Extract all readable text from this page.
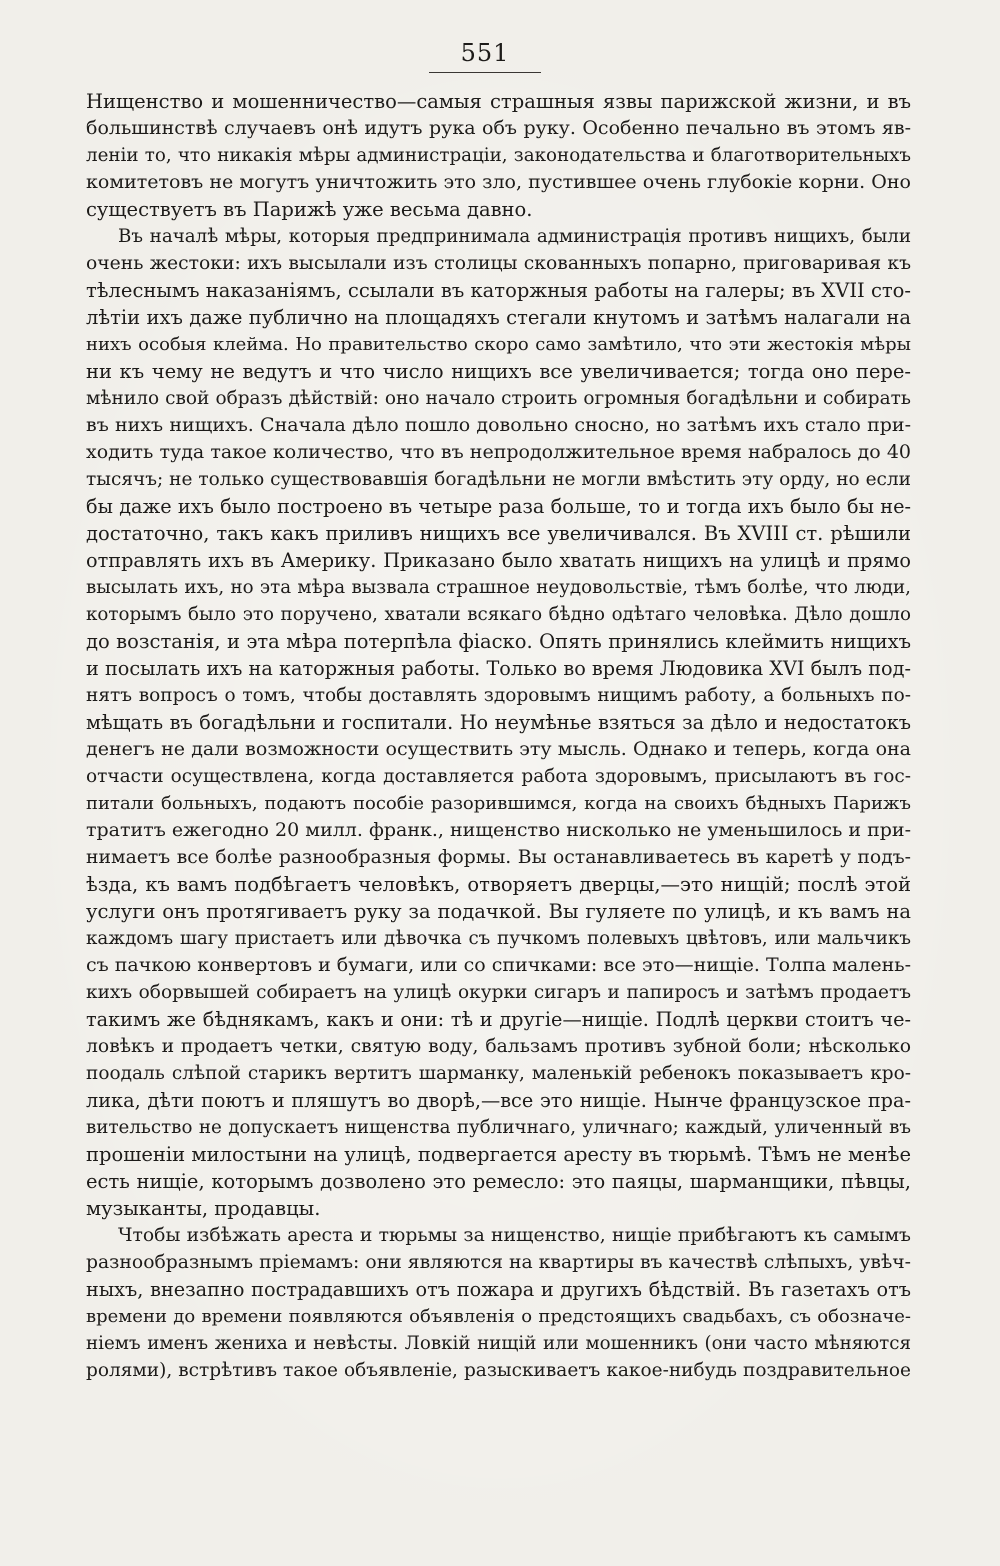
551
Нищенство и мошенничество—самыя страшныя язвы парижской жизни, и въ
большинствѣ случаевъ онѣ идутъ рука объ руку. Особенно печально въ этомъ яв-
леніи то, что никакія мѣры администраціи, законодательства и благотворительныхъ
комитетовъ не могутъ уничтожить это зло, пустившее очень глубокіе корни. Оно
существуетъ въ Парижѣ уже весьма давно.
Въ началѣ мѣры, которыя предпринимала администрація противъ нищихъ, были
очень жестоки: ихъ высылали изъ столицы скованныхъ попарно, приговаривая къ
тѣлеснымъ наказаніямъ, ссылали въ каторжныя работы на галеры; въ XVII сто-
лѣтіи ихъ даже публично на площадяхъ стегали кнутомъ и затѣмъ налагали на
нихъ особыя клейма. Но правительство скоро само замѣтило, что эти жестокія мѣры
ни къ чему не ведутъ и что число нищихъ все увеличивается; тогда оно пере-
мѣнило свой образъ дѣйствій: оно начало строить огромныя богадѣльни и собирать
въ нихъ нищихъ. Сначала дѣло пошло довольно сносно, но затѣмъ ихъ стало при-
ходить туда такое количество, что въ непродолжительное время набралось до 40
тысячъ; не только существовавшія богадѣльни не могли вмѣстить эту орду, но если
бы даже ихъ было построено въ четыре раза больше, то и тогда ихъ было бы не-
достаточно, такъ какъ приливъ нищихъ все увеличивался. Въ XVIII ст. рѣшили
отправлять ихъ въ Америку. Приказано было хватать нищихъ на улицѣ и прямо
высылать ихъ, но эта мѣра вызвала страшное неудовольствіе, тѣмъ болѣе, что люди,
которымъ было это поручено, хватали всякаго бѣдно одѣтаго человѣка. Дѣло дошло
до возстанія, и эта мѣра потерпѣла фіаско. Опять принялись клеймить нищихъ
и посылать ихъ на каторжныя работы. Только во время Людовика XVI былъ под-
нятъ вопросъ о томъ, чтобы доставлять здоровымъ нищимъ работу, а больныхъ по-
мѣщать въ богадѣльни и госпитали. Но неумѣнье взяться за дѣло и недостатокъ
денегъ не дали возможности осуществить эту мысль. Однако и теперь, когда она
отчасти осуществлена, когда доставляется работа здоровымъ, присылаютъ въ гос-
питали больныхъ, подаютъ пособіе разорившимся, когда на своихъ бѣдныхъ Парижъ
тратитъ ежегодно 20 милл. франк., нищенство нисколько не уменьшилось и при-
нимаетъ все болѣе разнообразныя формы. Вы останавливаетесь въ каретѣ у подъ-
ѣзда, къ вамъ подбѣгаетъ человѣкъ, отворяетъ дверцы,—это нищій; послѣ этой
услуги онъ протягиваетъ руку за подачкой. Вы гуляете по улицѣ, и къ вамъ на
каждомъ шагу пристаетъ или дѣвочка съ пучкомъ полевыхъ цвѣтовъ, или мальчикъ
съ пачкою конвертовъ и бумаги, или со спичками: все это—нищіе. Толпа малень-
кихъ оборвышей собираетъ на улицѣ окурки сигаръ и папиросъ и затѣмъ продаетъ
такимъ же бѣднякамъ, какъ и они: тѣ и другіе—нищіе. Подлѣ церкви стоитъ че-
ловѣкъ и продаетъ четки, святую воду, бальзамъ противъ зубной боли; нѣсколько
поодаль слѣпой старикъ вертитъ шарманку, маленькій ребенокъ показываетъ кро-
лика, дѣти поютъ и пляшутъ во дворѣ,—все это нищіе. Нынче французское пра-
вительство не допускаетъ нищенства публичнаго, уличнаго; каждый, уличенный въ
прошеніи милостыни на улицѣ, подвергается аресту въ тюрьмѣ. Тѣмъ не менѣе
есть нищіе, которымъ дозволено это ремесло: это паяцы, шарманщики, пѣвцы,
музыканты, продавцы.
Чтобы избѣжать ареста и тюрьмы за нищенство, нищіе прибѣгаютъ къ самымъ
разнообразнымъ пріемамъ: они являются на квартиры въ качествѣ слѣпыхъ, увѣч-
ныхъ, внезапно пострадавшихъ отъ пожара и другихъ бѣдствій. Въ газетахъ отъ
времени до времени появляются объявленія о предстоящихъ свадьбахъ, съ обозначе-
ніемъ именъ жениха и невѣсты. Ловкій нищій или мошенникъ (они часто мѣняются
ролями), встрѣтивъ такое объявленіе, разыскиваетъ какое-нибудь поздравительное
